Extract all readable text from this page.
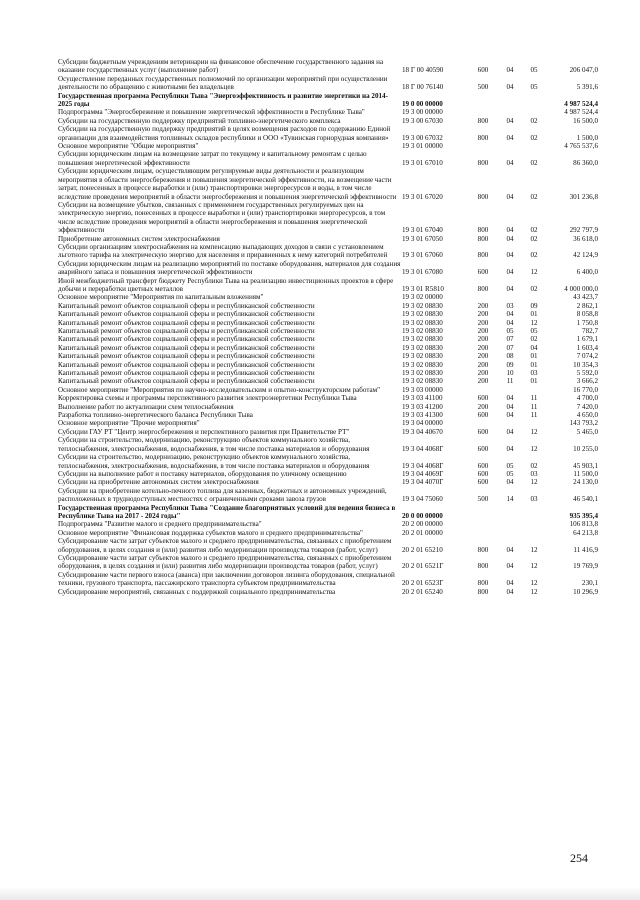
Субсидии бюджетным учреждениям ветеринарии на финансовое обеспечение государственного задания на оказание государственных услуг (выполнение работ)	18 Г 00 40590	600	04	05	206 047,0
Осуществление переданных государственных полномочий по организации мероприятий при осуществлении деятельности по обращению с животными без владельцев	18 Г 00 76140	500	04	05	5 391,6
Государственная программа Республики Тыва "Энергоэффективность и развитие энергетики на 2014-2025 годы	19 0 00 00000				4 987 524,4
Подпрограмма "Энергосбережение и повышение энергетической эффективности в Республике Тыва"	19 3 00 00000				4 987 524,4
Субсидии на государственную поддержку предприятий топливно-энергетического комплекса	19 3 00 67030	800	04	02	16 500,0
Субсидии на государственную поддержку предприятий в целях возмещения расходов по содержанию Единой организации для взаимодействия топливных складов республики и ООО «Тувинская горнорудная компания»	19 3 00 67032	800	04	02	1 500,0
Основное мероприятие "Общие мероприятия"	19 3 01 00000				4 765 537,6
Субсидии юридическим лицам на возмещение затрат по текущему и капитальному ремонтам с целью повышения энергетической эффективности	19 3 01 67010	800	04	02	86 360,0
Субсидии юридическим лицам, осуществляющим регулируемые виды деятельности и реализующим мероприятия в области энергосбережения и повышения энергетической эффективности, на возмещение части затрат, понесенных в процессе выработки и (или) транспортировки энергоресурсов и воды, в том числе вследствие проведения мероприятий в области энергосбережения и повышения энергетической эффективности	19 3 01 67020	800	04	02	301 236,8
Субсидии на возмещение убытков, связанных с применением государственных регулируемых цен на электрическую энергию, понесенных в процессе выработки и (или) транспортировки энергоресурсов, в том числе вследствие проведения мероприятий в области энергосбережения и повышения энергетической эффективности	19 3 01 67040	800	04	02	292 797,9
Приобретение автономных систем электроснабжения	19 3 01 67050	800	04	02	36 618,0
Субсидии организациям электроснабжения на компенсацию выпадающих доходов в связи с установлением льготного тарифа на электрическую энергию для населения и приравненных к нему категорий потребителей	19 3 01 67060	800	04	02	42 124,9
Субсидии юридическим лицам на реализацию мероприятий по поставке оборудования, материалов для создания аварийного запаса и повышения энергетической эффективности	19 3 01 67080	600	04	12	6 400,0
Иной межбюджетный трансферт бюджету Республики Тыва на реализацию инвестиционных проектов в сфере добычи и переработки цветных металлов	19 3 01 R5810	800	04	02	4 000 000,0
Основное мероприятие "Мероприятия по капитальным вложениям"	19 3 02 00000				43 423,7
Капитальный ремонт объектов социальной сферы и республиканской собственности	19 3 02 08830	200	03	09	2 862,1
Капитальный ремонт объектов социальной сферы и республиканской собственности	19 3 02 08830	200	04	01	8 058,8
Капитальный ремонт объектов социальной сферы и республиканской собственности	19 3 02 08830	200	04	12	1 750,8
Капитальный ремонт объектов социальной сферы и республиканской собственности	19 3 02 08830	200	05	05	782,7
Капитальный ремонт объектов социальной сферы и республиканской собственности	19 3 02 08830	200	07	02	1 679,1
Капитальный ремонт объектов социальной сферы и республиканской собственности	19 3 02 08830	200	07	04	1 603,4
Капитальный ремонт объектов социальной сферы и республиканской собственности	19 3 02 08830	200	08	01	7 074,2
Капитальный ремонт объектов социальной сферы и республиканской собственности	19 3 02 08830	200	09	01	10 354,3
Капитальный ремонт объектов социальной сферы и республиканской собственности	19 3 02 08830	200	10	03	5 592,0
Капитальный ремонт объектов социальной сферы и республиканской собственности	19 3 02 08830	200	11	01	3 666,2
Основное мероприятие "Мероприятия по научно-исследовательским и опытно-конструкторским работам"	19 3 03 00000				16 770,0
Корректировка схемы и программы перспективного развития электроэнергетики Республики Тыва	19 3 03 41100	600	04	11	4 700,0
Выполнение работ по актуализации схем теплоснабжения	19 3 03 41200	200	04	11	7 420,0
Разработка топливно-энергетического баланса Республики Тыва	19 3 03 41300	600	04	11	4 650,0
Основное мероприятие "Прочие мероприятия"	19 3 04 00000				143 793,2
Субсидии ГАУ РТ "Центр энергосбережения и перспективного развития при Правительстве РТ"	19 3 04 40670	600	04	12	5 465,0
Субсидии на строительство, модернизацию, реконструкцию объектов коммунального хозяйства, теплоснабжения, электроснабжения, водоснабжения, в том числе поставка материалов и оборудования	19 3 04 4068Г	600	04	12	10 255,0
Субсидии на строительство, модернизацию, реконструкцию объектов коммунального хозяйства, теплоснабжения, электроснабжения, водоснабжения, в том числе поставка материалов и оборудования	19 3 04 4068Г	600	05	02	45 903,1
Субсидии на выполнение работ и поставку материалов, оборудования по уличному освещению	19 3 04 4069Г	600	05	03	11 500,0
Субсидии на приобретение автономных систем электроснабжения	19 3 04 4070Г	600	04	12	24 130,0
Субсидии на приобретение котельно-печного топлива для казенных, бюджетных и автономных учреждений, расположенных в труднодоступных местностях с ограниченными сроками завоза грузов	19 3 04 75060	500	14	03	46 540,1
Государственная программа Республики Тыва "Создание благоприятных условий для ведения бизнеса в Республике Тыва на 2017 - 2024 годы"	20 0 00 00000				935 395,4
Подпрограмма "Развитие малого и среднего предпринимательства"	20 2 00 00000				106 813,8
Основное мероприятие "Финансовая поддержка субъектов малого и среднего предпринимательства"	20 2 01 00000				64 213,8
Субсидирование части затрат субъектов малого и среднего предпринимательства, связанных с приобретением оборудования, в целях создания и (или) развития либо модернизации производства товаров (работ, услуг)	20 2 01 65210	800	04	12	11 416,9
Субсидирование части затрат субъектов малого и среднего предпринимательства, связанных с приобретением оборудования, в целях создания и (или) развития либо модернизации производства товаров (работ, услуг)	20 2 01 6521Г	800	04	12	19 769,9
Субсидирование части первого взноса (аванса) при заключении договоров лизинга оборудования, специальной техники, грузового транспорта, пассажирского транспорта субъектом предпринимательства	20 2 01 6523Г	800	04	12	230,1
Субсидирование мероприятий, связанных с поддержкой социального предпринимательства	20 2 01 65240	800	04	12	10 296,9
254
